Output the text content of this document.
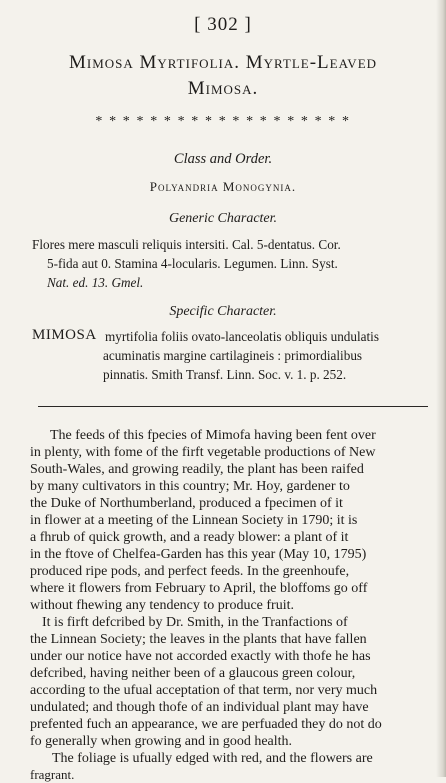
[ 302 ]
Mimosa Myrtifolia. Myrtle-Leaved
Mimosa.
* * * * * * * * * * * * * * * * * * *
Class and Order.
Polyandria Monogynia.
Generic Character.
Flores mere masculi reliquis intersiti. Cal. 5-dentatus. Cor.
5-fida aut 0. Stamina 4-locularis. Legumen. Linn. Syst.
Nat. ed. 13. Gmel.
Specific Character.
MIMOSA myrtifolia foliis ovato-lanceolatis obliquis undulatis
acuminatis margine cartilagineis : primordialibus
pinnatis. Smith Transf. Linn. Soc. v. 1. p. 252.
The feeds of this fpecies of Mimofa having been fent over
in plenty, with fome of the firft vegetable productions of New
South-Wales, and growing readily, the plant has been raifed
by many cultivators in this country; Mr. Hoy, gardener to
the Duke of Northumberland, produced a fpecimen of it
in flower at a meeting of the Linnean Society in 1790; it is
a fhrub of quick growth, and a ready blower: a plant of it
in the ftove of Chelfea-Garden has this year (May 10, 1795)
produced ripe pods, and perfect feeds. In the greenhoufe,
where it flowers from February to April, the bloffoms go off
without fhewing any tendency to produce fruit.
It is firft defcribed by Dr. Smith, in the Tranfactions of
the Linnean Society; the leaves in the plants that have fallen
under our notice have not accorded exactly with thofe he has
defcribed, having neither been of a glaucous green colour,
according to the ufual acceptation of that term, nor very much
undulated; and though thofe of an individual plant may have
prefented fuch an appearance, we are perfuaded they do not do
fo generally when growing and in good health.
The foliage is ufually edged with red, and the flowers are
fragrant.
